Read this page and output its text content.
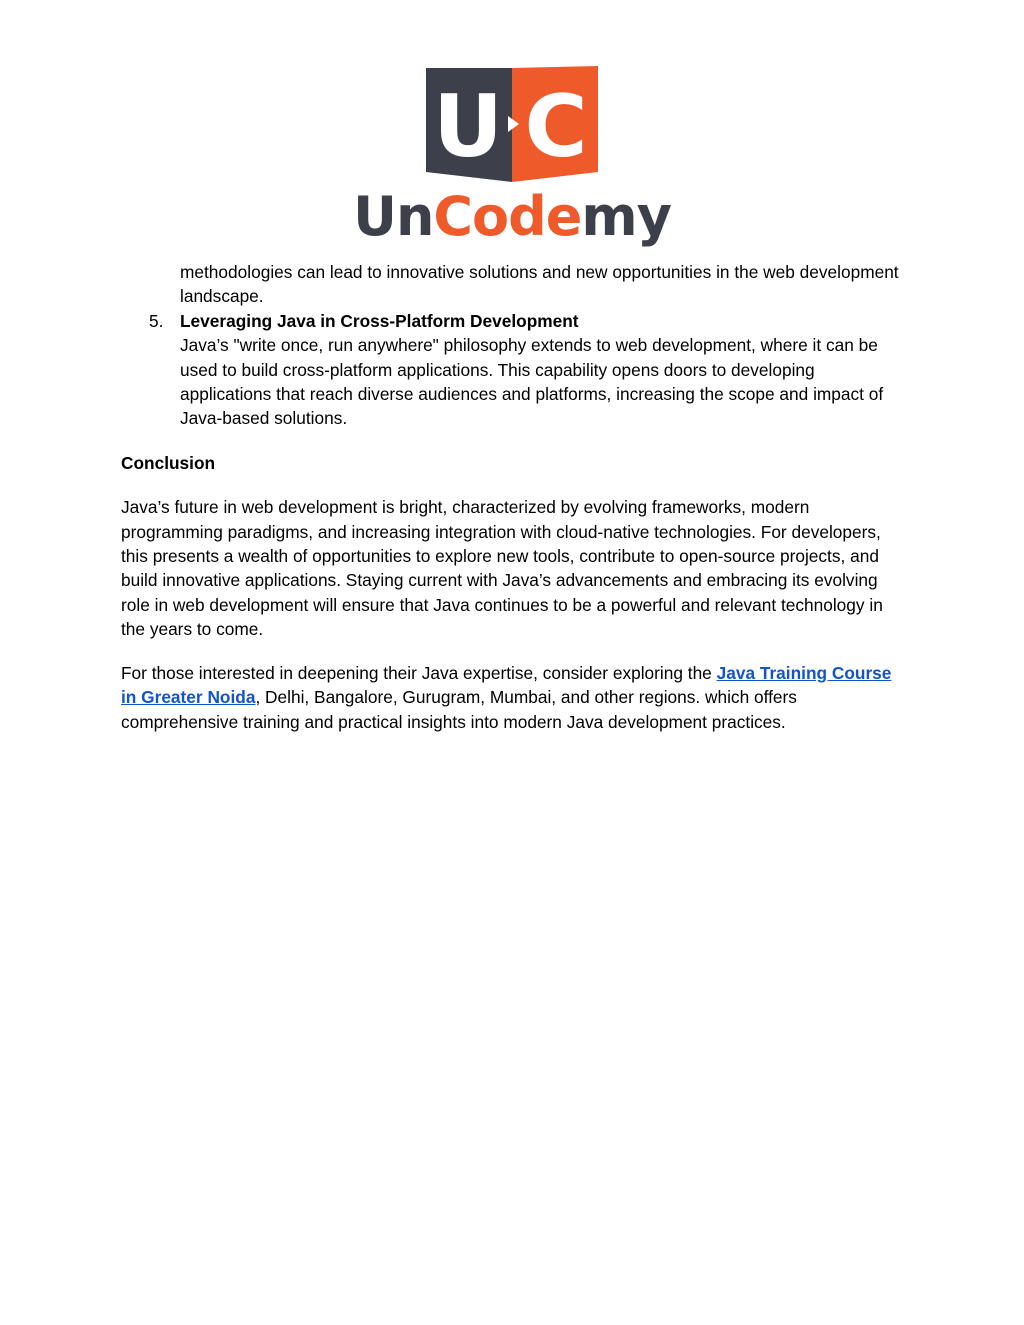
U C
UnCodemy
methodologies can lead to innovative solutions and new opportunities in the web development landscape.
5. Leveraging Java in Cross-Platform Development
Java’s "write once, run anywhere" philosophy extends to web development, where it can be used to build cross-platform applications. This capability opens doors to developing applications that reach diverse audiences and platforms, increasing the scope and impact of Java-based solutions.
Conclusion
Java’s future in web development is bright, characterized by evolving frameworks, modern programming paradigms, and increasing integration with cloud-native technologies. For developers, this presents a wealth of opportunities to explore new tools, contribute to open-source projects, and build innovative applications. Staying current with Java’s advancements and embracing its evolving role in web development will ensure that Java continues to be a powerful and relevant technology in the years to come.
For those interested in deepening their Java expertise, consider exploring the Java Training Course in Greater Noida, Delhi, Bangalore, Gurugram, Mumbai, and other regions. which offers comprehensive training and practical insights into modern Java development practices.
